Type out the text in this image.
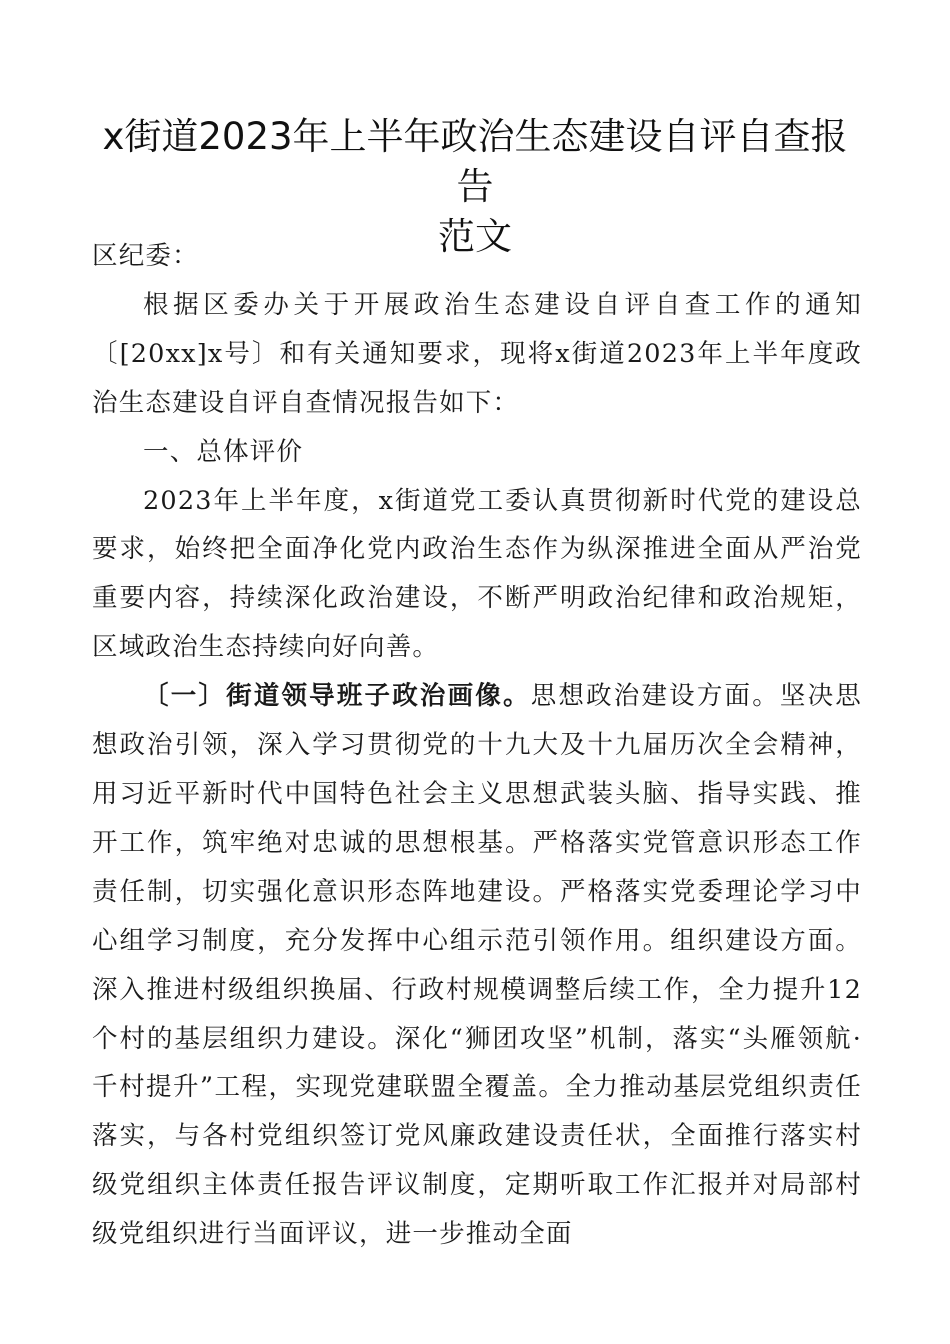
x街道2023年上半年政治生态建设自评自查报告
范文

区纪委：

根据区委办关于开展政治生态建设自评自查工作的通知〔[20xx]x号〕和有关通知要求，现将x街道2023年上半年度政治生态建设自评自查情况报告如下：

一、总体评价

2023年上半年度，x街道党工委认真贯彻新时代党的建设总要求，始终把全面净化党内政治生态作为纵深推进全面从严治党重要内容，持续深化政治建设，不断严明政治纪律和政治规矩，区域政治生态持续向好向善。

〔一〕街道领导班子政治画像。思想政治建设方面。坚决思想政治引领，深入学习贯彻党的十九大及十九届历次全会精神，用习近平新时代中国特色社会主义思想武装头脑、指导实践、推开工作，筑牢绝对忠诚的思想根基。严格落实党管意识形态工作责任制，切实强化意识形态阵地建设。严格落实党委理论学习中心组学习制度，充分发挥中心组示范引领作用。组织建设方面。深入推进村级组织换届、行政村规模调整后续工作，全力提升12个村的基层组织力建设。深化“狮团攻坚”机制，落实“头雁领航·千村提升”工程，实现党建联盟全覆盖。全力推动基层党组织责任落实，与各村党组织签订党风廉政建设责任状，全面推行落实村级党组织主体责任报告评议制度，定期听取工作汇报并对局部村级党组织进行当面评议，进一步推动全面
